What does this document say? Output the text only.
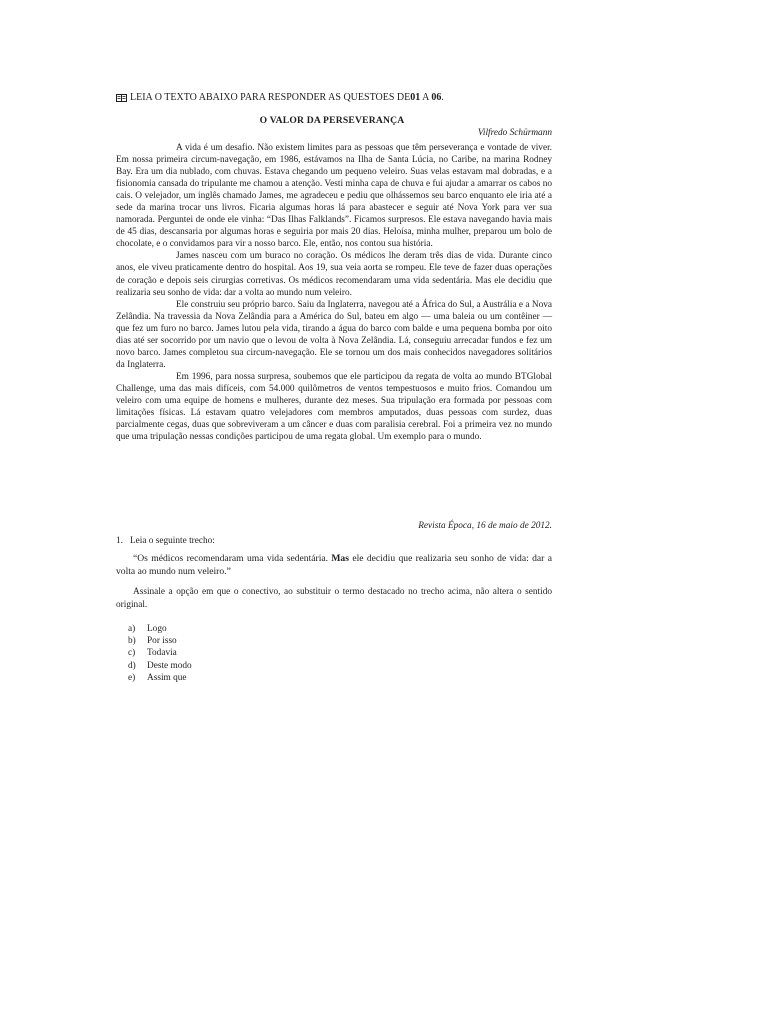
LEIA O TEXTO ABAIXO PARA RESPONDER AS QUESTOES DE 01 A 06 .
O VALOR DA PERSEVERANÇA
Vilfredo Schürmann

A vida é um desafio. Não existem limites para as pessoas que têm perseverança e vontade de viver. Em nossa primeira circum-navegação, em 1986, estávamos na Ilha de Santa Lúcia, no Caribe, na marina Rodney Bay. Era um dia nublado, com chuvas. Estava chegando um pequeno veleiro. Suas velas estavam mal dobradas, e a fisionomia cansada do tripulante me chamou a atenção. Vesti minha capa de chuva e fui ajudar a amarrar os cabos no cais. O velejador, um inglês chamado James, me agradeceu e pediu que olhássemos seu barco enquanto ele iria até a sede da marina trocar uns livros. Ficaria algumas horas lá para abastecer e seguir até Nova York para ver sua namorada. Perguntei de onde ele vinha: “Das Ilhas Falklands”. Ficamos surpresos. Ele estava navegando havia mais de 45 dias, descansaria por algumas horas e seguiria por mais 20 dias. Heloísa, minha mulher, preparou um bolo de chocolate, e o convidamos para vir a nosso barco. Ele, então, nos contou sua história.

James nasceu com um buraco no coração. Os médicos lhe deram três dias de vida. Durante cinco anos, ele viveu praticamente dentro do hospital. Aos 19, sua veia aorta se rompeu. Ele teve de fazer duas operações de coração e depois seis cirurgias corretivas. Os médicos recomendaram uma vida sedentária. Mas ele decidiu que realizaria seu sonho de vida: dar a volta ao mundo num veleiro.

Ele construiu seu próprio barco. Saiu da Inglaterra, navegou até a África do Sul, a Austrália e a Nova Zelândia. Na travessia da Nova Zelândia para a América do Sul, bateu em algo — uma baleia ou um contêiner — que fez um furo no barco. James lutou pela vida, tirando a água do barco com balde e uma pequena bomba por oito dias até ser socorrido por um navio que o levou de volta à Nova Zelândia. Lá, conseguiu arrecadar fundos e fez um novo barco. James completou sua circum-navegação. Ele se tornou um dos mais conhecidos navegadores solitários da Inglaterra.

Em 1996, para nossa surpresa, soubemos que ele participou da regata de volta ao mundo BTGlobal Challenge, uma das mais difíceis, com 54.000 quilômetros de ventos tempestuosos e muito frios. Comandou um veleiro com uma equipe de homens e mulheres, durante dez meses. Sua tripulação era formada por pessoas com limitações físicas. Lá estavam quatro velejadores com membros amputados, duas pessoas com surdez, duas parcialmente cegas, duas que sobreviveram a um câncer e duas com paralisia cerebral. Foi a primeira vez no mundo que uma tripulação nessas condições participou de uma regata global. Um exemplo para o mundo.

Revista Época, 16 de maio de 2012.
1.   Leia o seguinte trecho:
“Os médicos recomendaram uma vida sedentária. Mas ele decidiu que realizaria seu sonho de vida: dar a volta ao mundo num veleiro.”
Assinale a opção em que o conectivo, ao substituir o termo destacado no trecho acima, não altera o sentido original.
a)	Logo
b)	Por isso
c)	Todavia
d)	Deste modo
e)	Assim que
